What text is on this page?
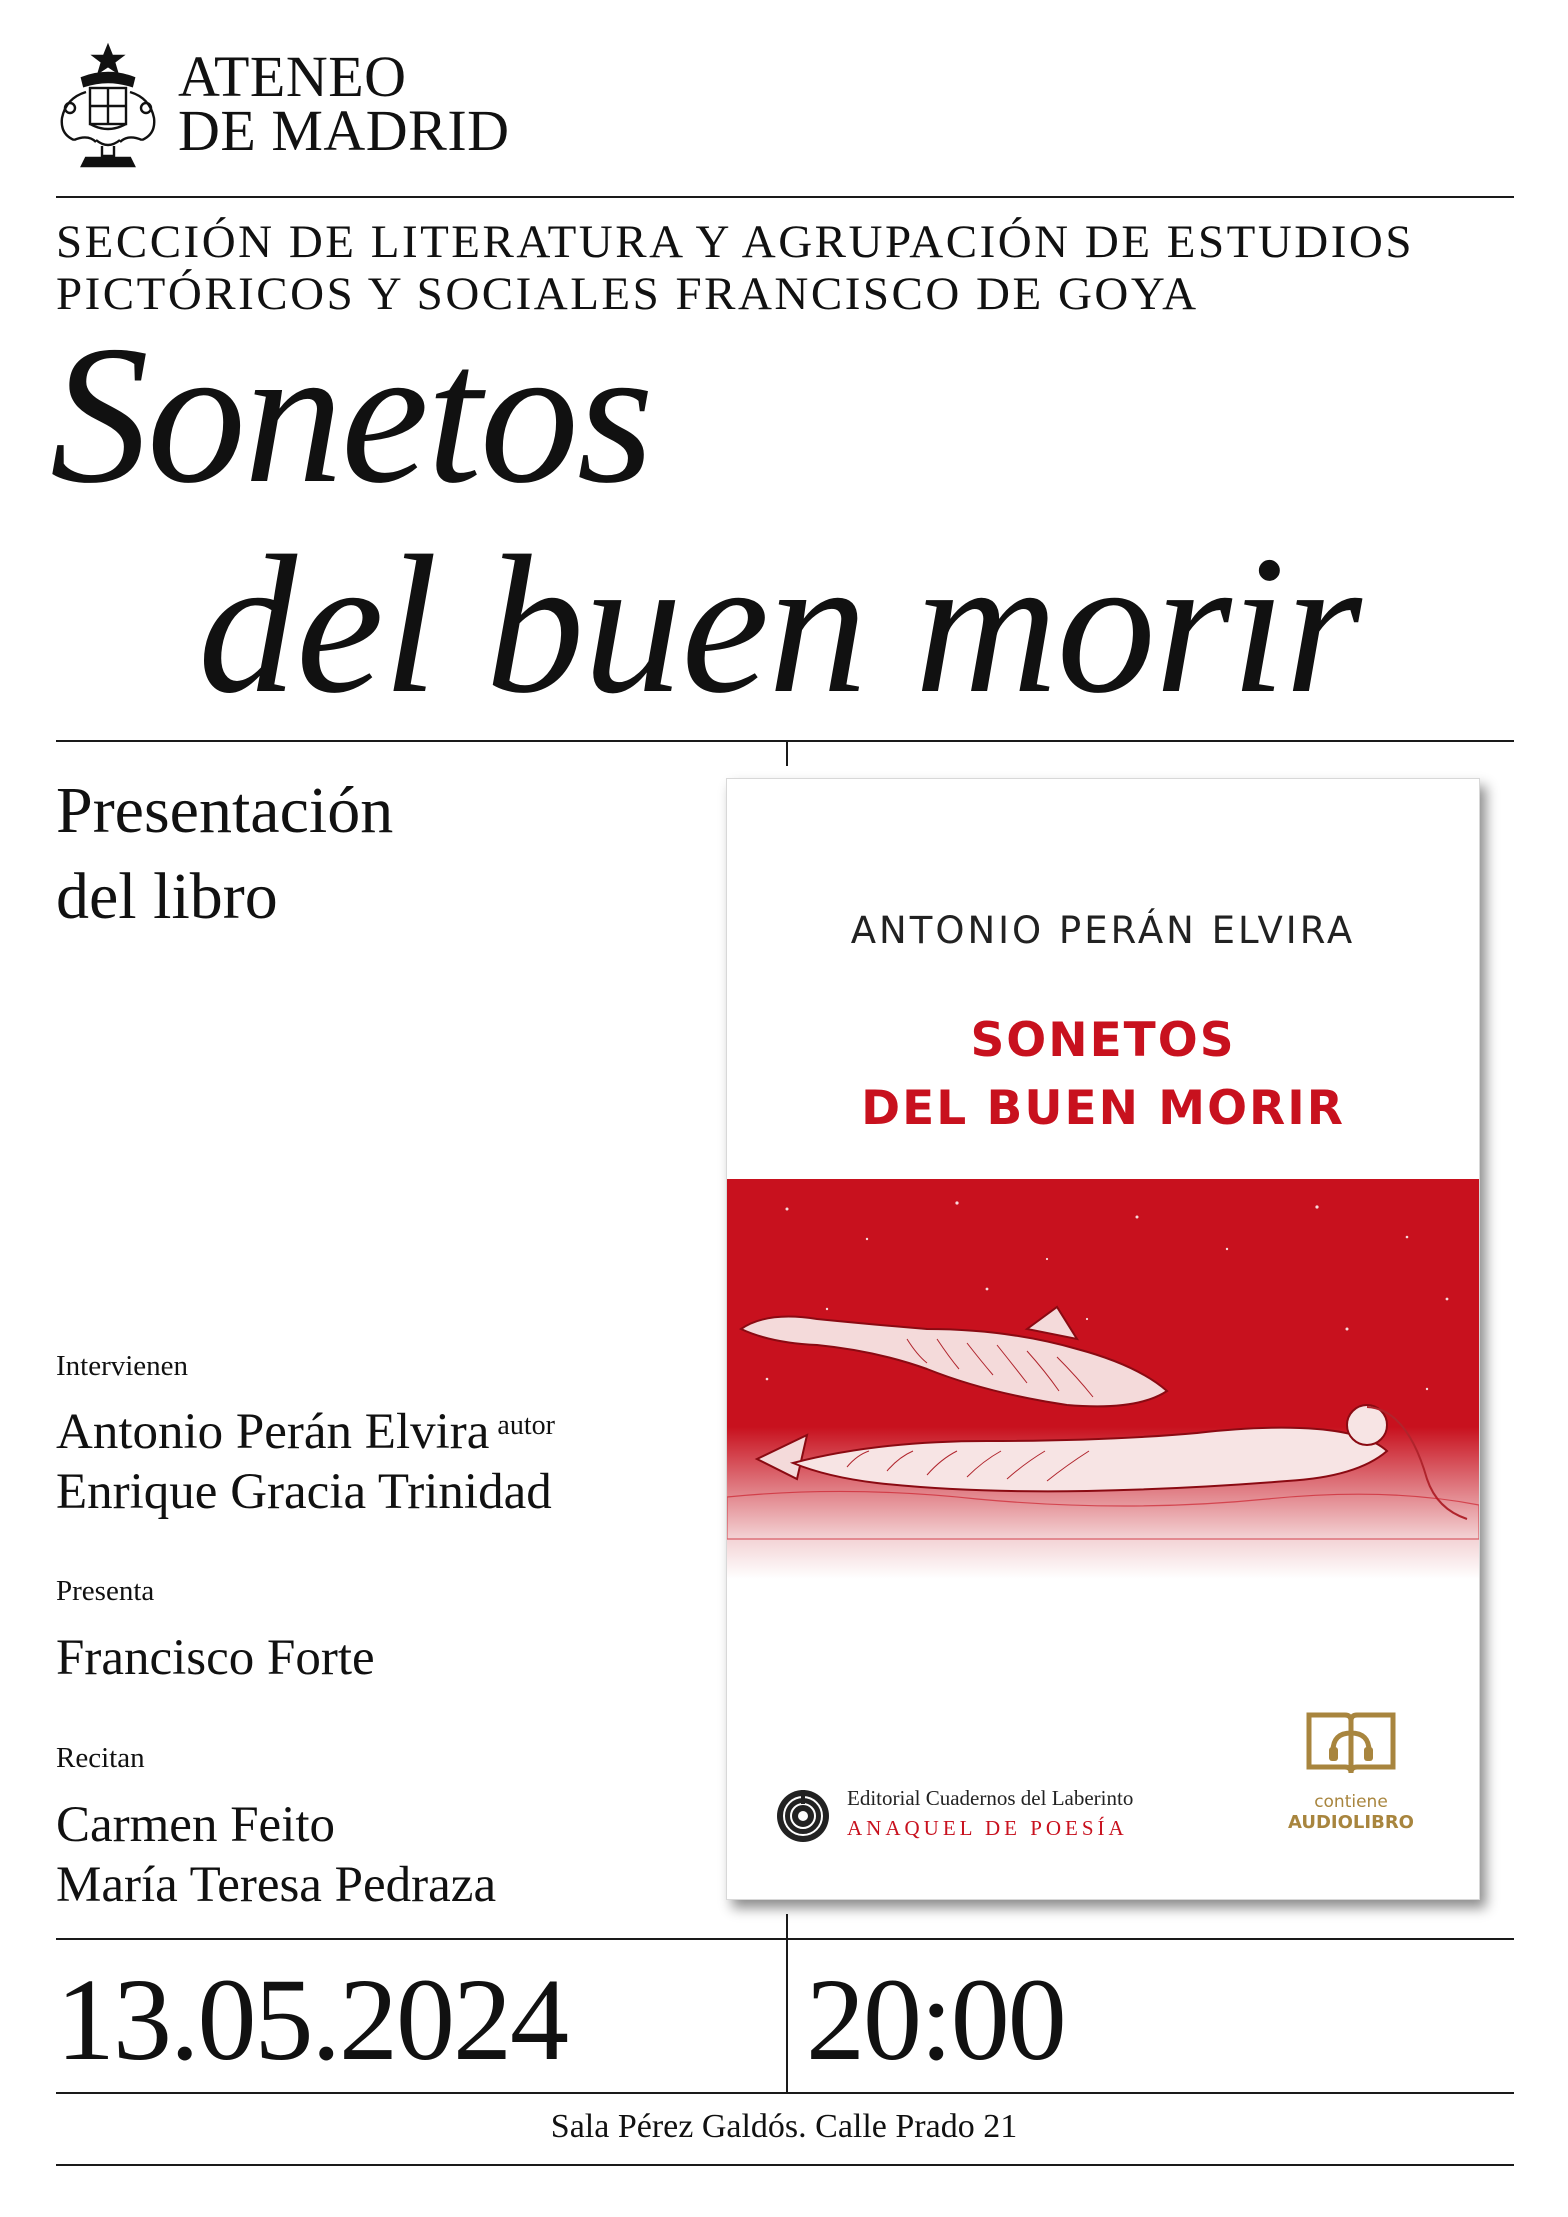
ATENEO
DE MADRID
SECCIÓN DE LITERATURA Y AGRUPACIÓN DE ESTUDIOS
PICTÓRICOS Y SOCIALES FRANCISCO DE GOYA
Sonetos
del buen morir
Presentación
del libro
Intervienen
Antonio Perán Elvira $^{autor}$
Enrique Gracia Trinidad
Presenta
Francisco Forte
Recitan
Carmen Feito
María Teresa Pedraza
ANTONIO PERÁN ELVIRA
SONETOS
DEL BUEN MORIR
Editorial Cuadernos del Laberinto
ANAQUEL DE POESÍA
contiene
AUDIOLIBRO
13.05.2024 20:00
Sala Pérez Galdós. Calle Prado 21
